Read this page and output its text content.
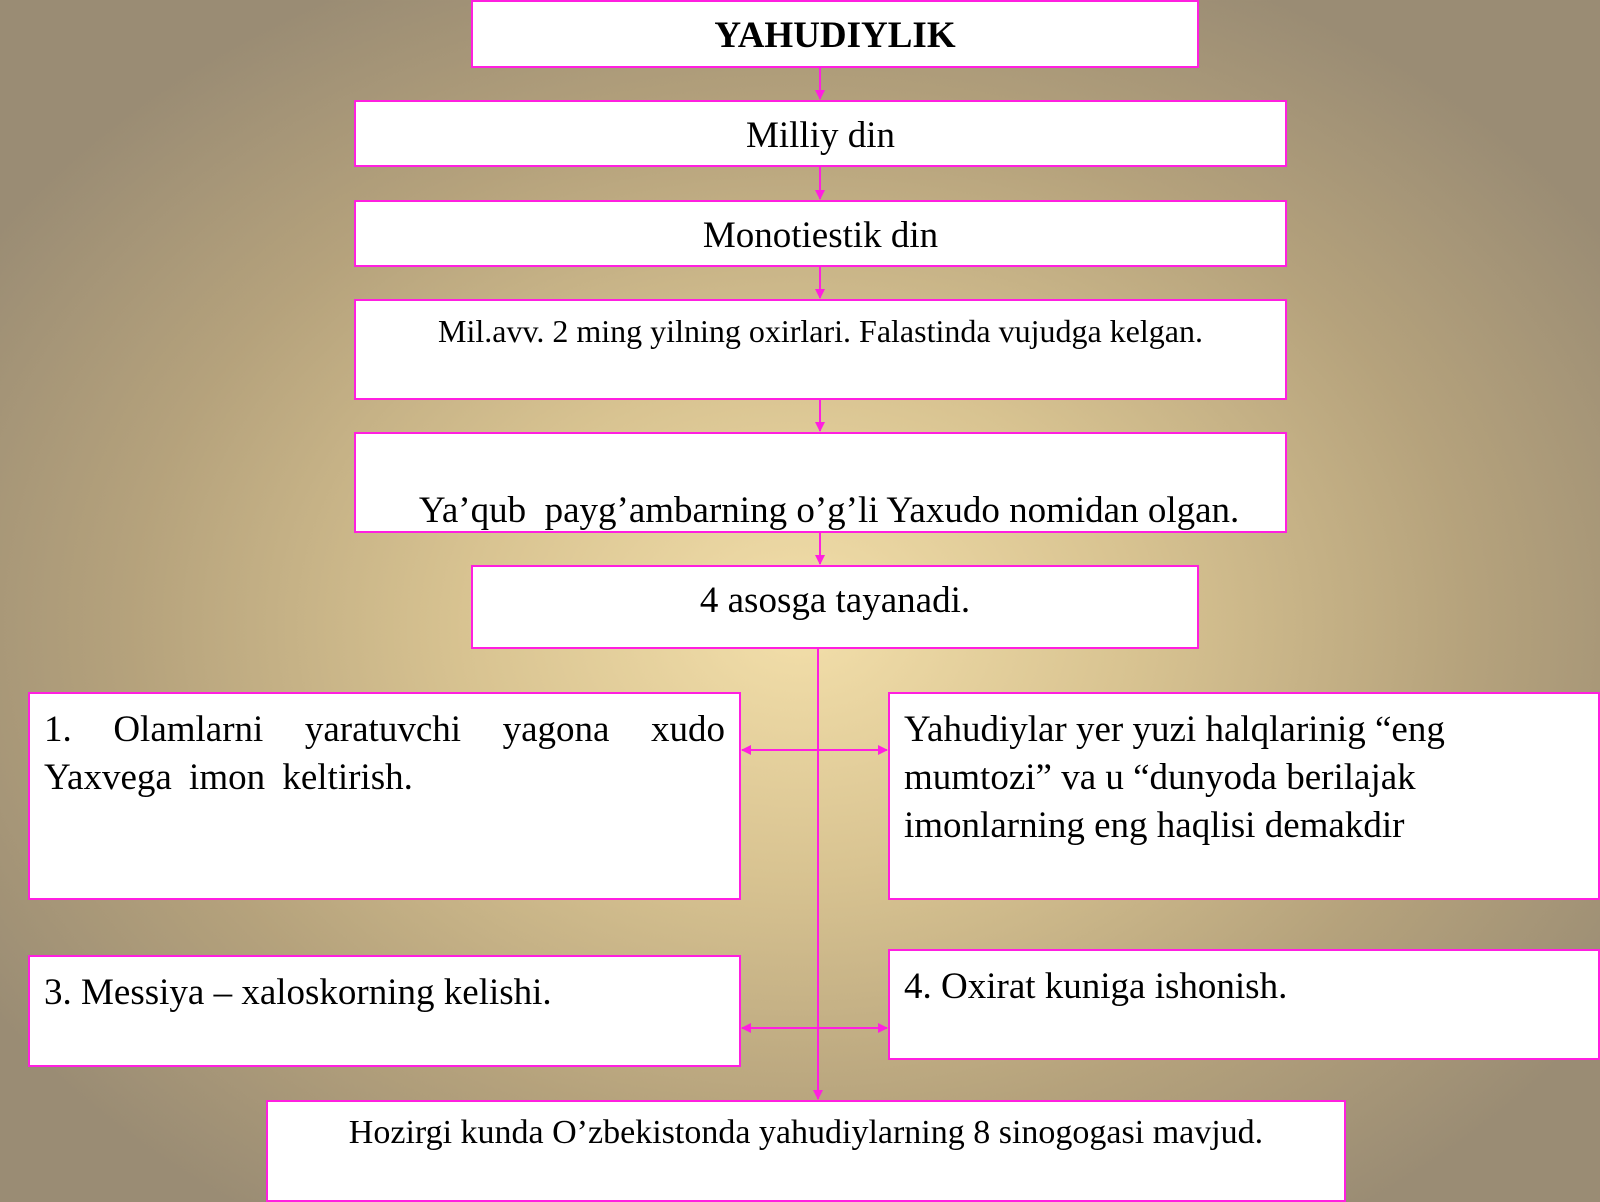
YAHUDIYLIK
Milliy din
Monotiestik din
Mil.avv. 2 ming yilning oxirlari. Falastinda vujudga kelgan.

Ya’qub  payg’ambarning o’g’li Yaxudo nomidan olgan.

4 asosga tayanadi.
1. Olamlarni yaratuvchi yagona xudo Yaxvega imon keltirish.
Yahudiylar yer yuzi halqlarinig “eng mumtozi” va u “dunyoda berilajak imonlarning eng haqlisi demakdir
3. Messiya – xaloskorning kelishi.	4. Oxirat kuniga ishonish.
Hozirgi kunda O’zbekistonda yahudiylarning 8 sinogogasi mavjud.
